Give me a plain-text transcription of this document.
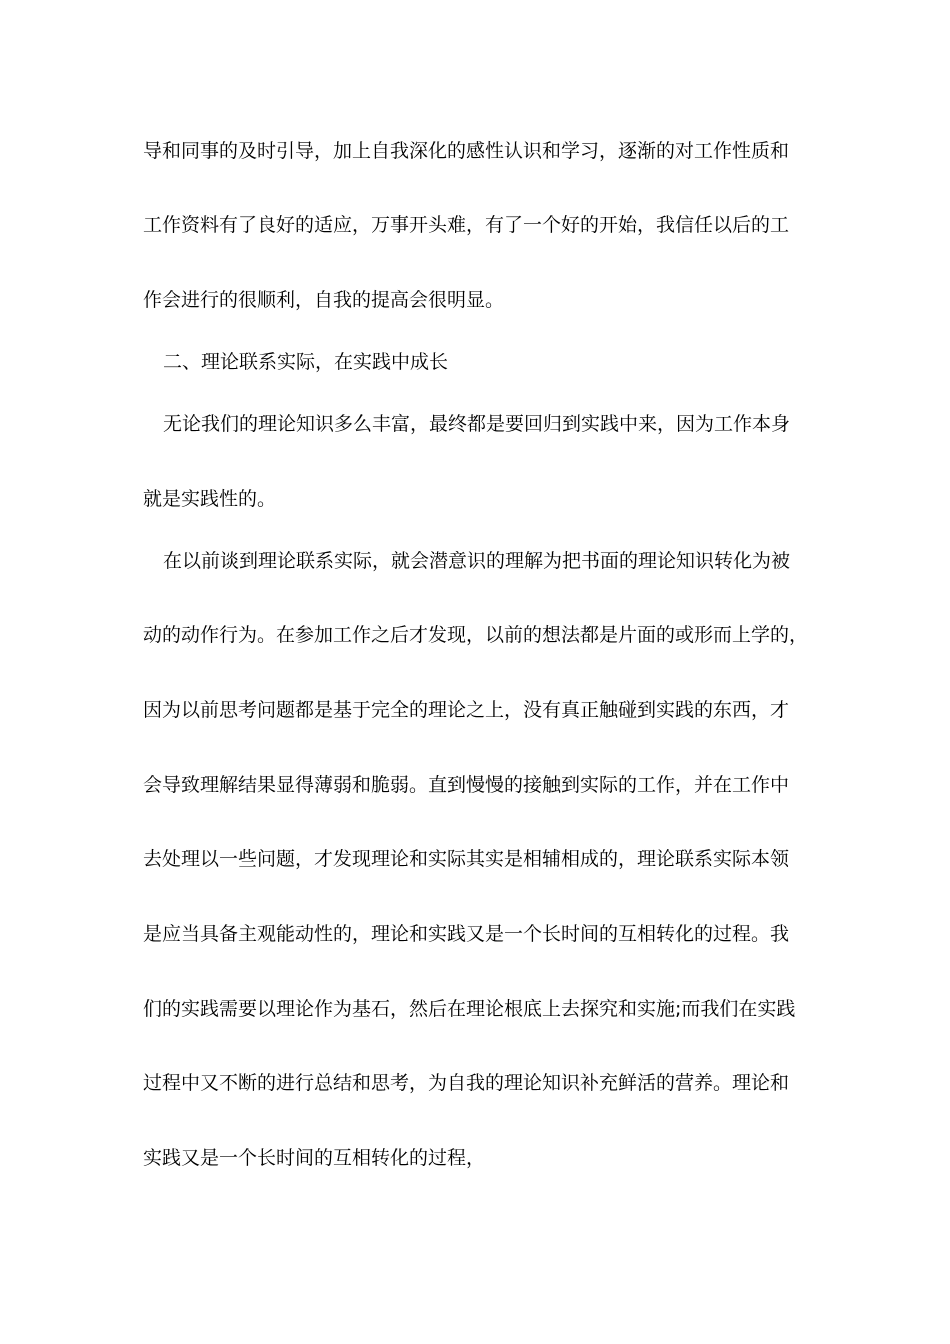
导和同事的及时引导，加上自我深化的感性认识和学习，逐渐的对工作性质和
工作资料有了良好的适应，万事开头难，有了一个好的开始，我信任以后的工
作会进行的很顺利，自我的提高会很明显。
二、理论联系实际，在实践中成长
无论我们的理论知识多么丰富，最终都是要回归到实践中来，因为工作本身
就是实践性的。
在以前谈到理论联系实际，就会潜意识的理解为把书面的理论知识转化为被
动的动作行为。在参加工作之后才发现，以前的想法都是片面的或形而上学的，
因为以前思考问题都是基于完全的理论之上，没有真正触碰到实践的东西，才
会导致理解结果显得薄弱和脆弱。直到慢慢的接触到实际的工作，并在工作中
去处理以一些问题，才发现理论和实际其实是相辅相成的，理论联系实际本领
是应当具备主观能动性的，理论和实践又是一个长时间的互相转化的过程。我
们的实践需要以理论作为基石，然后在理论根底上去探究和实施;而我们在实践
过程中又不断的进行总结和思考，为自我的理论知识补充鲜活的营养。理论和
实践又是一个长时间的互相转化的过程，
